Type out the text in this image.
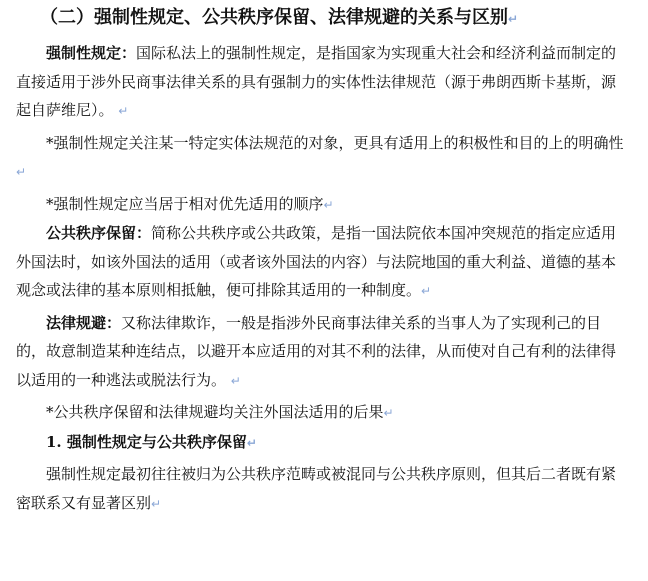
（二）强制性规定、公共秩序保留、法律规避的关系与区别↵

强制性规定：国际私法上的强制性规定，是指国家为实现重大社会和经济利益而制定的直接适用于涉外民商事法律关系的具有强制力的实体性法律规范（源于弗朗西斯卡基斯，源起自萨维尼）。 ↵

*强制性规定关注某一特定实体法规范的对象，更具有适用上的积极性和目的上的明确性↵

*强制性规定应当居于相对优先适用的顺序↵

公共秩序保留：简称公共秩序或公共政策，是指一国法院依本国冲突规范的指定应适用外国法时，如该外国法的适用（或者该外国法的内容）与法院地国的重大利益、道德的基本观念或法律的基本原则相抵触，便可排除其适用的一种制度。↵

法律规避：又称法律欺诈，一般是指涉外民商事法律关系的当事人为了实现利己的目的，故意制造某种连结点，以避开本应适用的对其不利的法律，从而使对自己有利的法律得以适用的一种逃法或脱法行为。 ↵

*公共秩序保留和法律规避均关注外国法适用的后果↵

1. 强制性规定与公共秩序保留↵

强制性规定最初往往被归为公共秩序范畴或被混同与公共秩序原则，但其后二者既有紧密联系又有显著区别↵
